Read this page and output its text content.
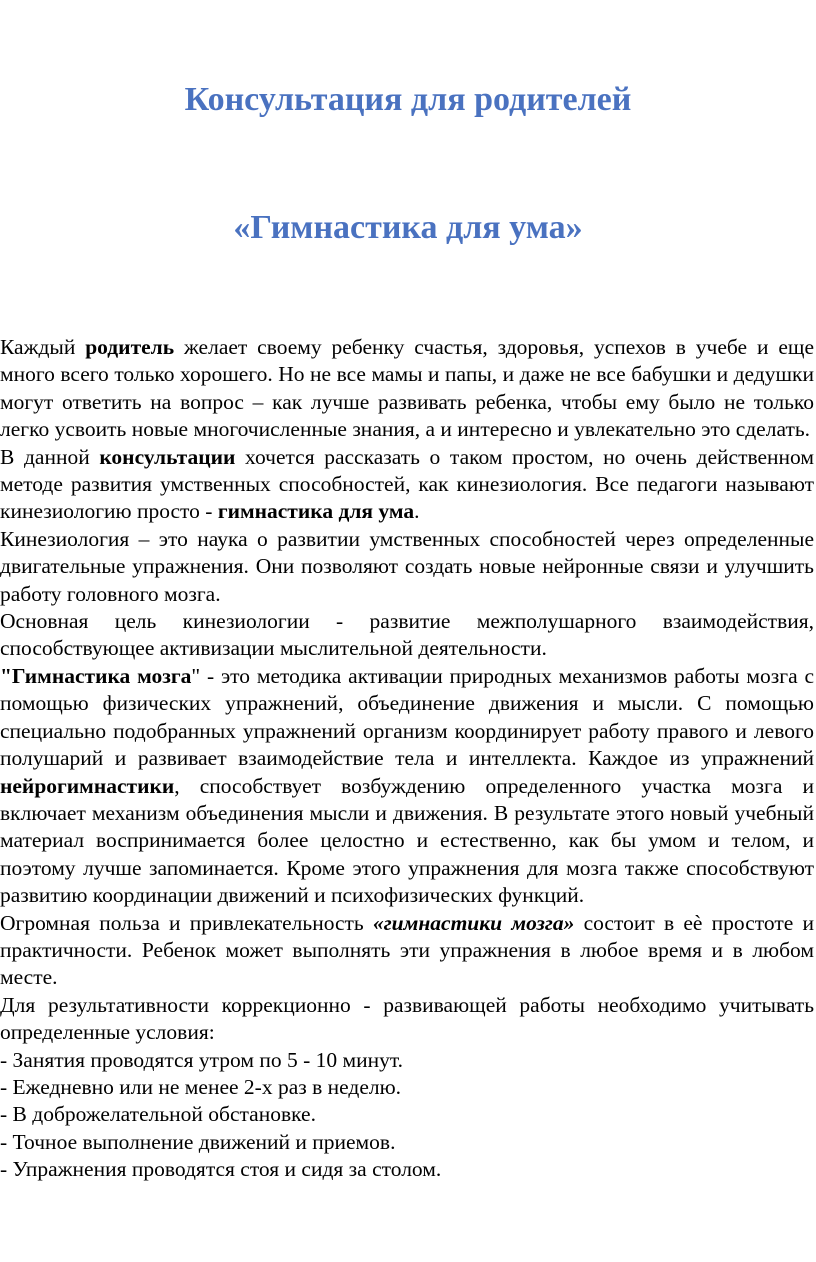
Консультация для родителей
«Гимнастика для ума»

Каждый родитель желает своему ребенку счастья, здоровья, успехов в учебе и еще много всего только хорошего. Но не все мамы и папы, и даже не все бабушки и дедушки могут ответить на вопрос – как лучше развивать ребенка, чтобы ему было не только легко усвоить новые многочисленные знания, а и интересно и увлекательно это сделать.

В данной консультации хочется рассказать о таком простом, но очень действенном методе развития умственных способностей, как кинезиология. Все педагоги называют кинезиологию просто - гимнастика для ума.

Кинезиология – это наука о развитии умственных способностей через определенные двигательные упражнения. Они позволяют создать новые нейронные связи и улучшить работу головного мозга.

Основная цель кинезиологии - развитие межполушарного взаимодействия, способствующее активизации мыслительной деятельности.

"Гимнастика мозга" - это методика активации природных механизмов работы мозга с помощью физических упражнений, объединение движения и мысли. С помощью специально подобранных упражнений организм координирует работу правого и левого полушарий и развивает взаимодействие тела и интеллекта. Каждое из упражнений нейрогимнастики, способствует возбуждению определенного участка мозга и включает механизм объединения мысли и движения. В результате этого новый учебный материал воспринимается более целостно и естественно, как бы умом и телом, и поэтому лучше запоминается. Кроме этого упражнения для мозга также способствуют развитию координации движений и психофизических функций.

Огромная польза и привлекательность «гимнастики мозга» состоит в еѐ простоте и практичности. Ребенок может выполнять эти упражнения в любое время и в любом месте.

Для результативности коррекционно - развивающей работы необходимо учитывать определенные условия:

- Занятия проводятся утром по 5 - 10 минут.
- Ежедневно или не менее 2-х раз в неделю.
- В доброжелательной обстановке.
- Точное выполнение движений и приемов.
- Упражнения проводятся стоя и сидя за столом.
